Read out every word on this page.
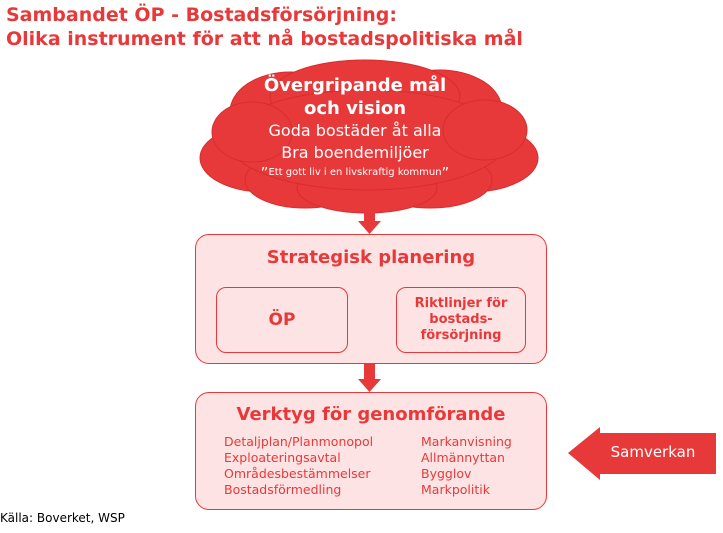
Sambandet ÖP - Bostadsförsörjning:
Olika instrument för att nå bostadspolitiska mål
Övergripande mål
och vision
Goda bostäder åt alla
Bra boendemiljöer
”Ett gott liv i en livskraftig kommun”
Strategisk planering
ÖP
Riktlinjer för
bostads-
försörjning
Verktyg för genomförande
Detaljplan/Planmonopol
Exploateringsavtal
Områdesbestämmelser
Bostadsförmedling
Markanvisning
Allmännyttan
Bygglov
Markpolitik
Samverkan
Källa: Boverket, WSP
